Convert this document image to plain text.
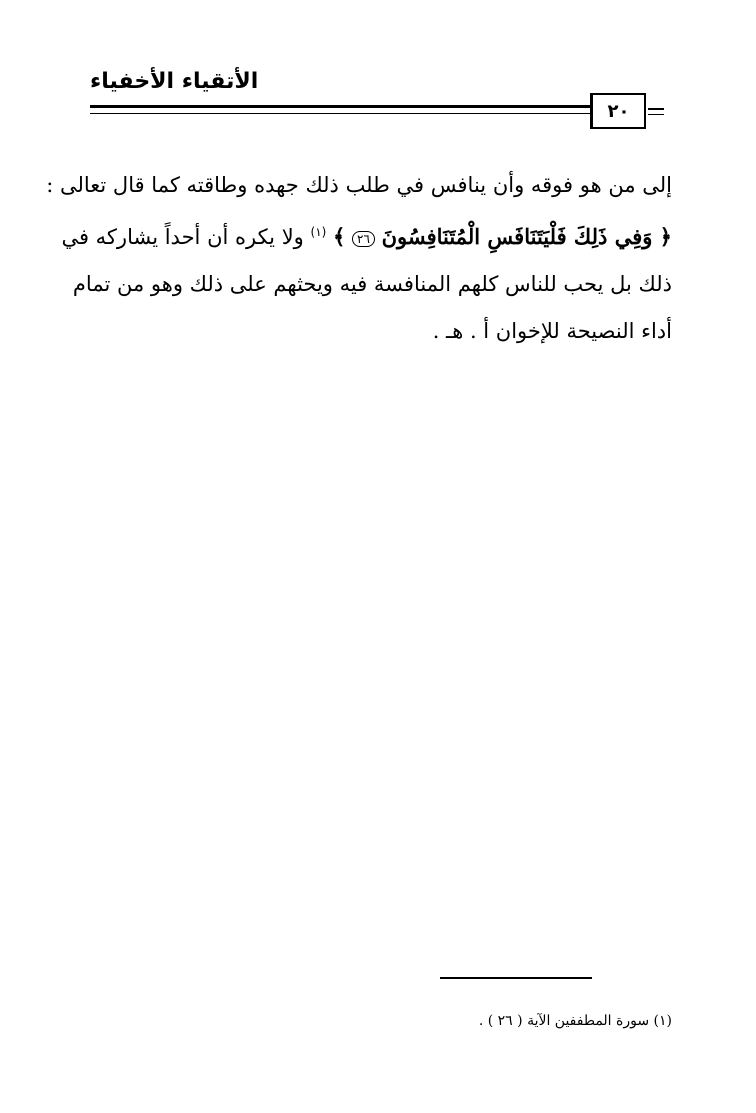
الأتقياء الأخفياء
٢٠
إلى من هو فوقه وأن ينافس في طلب ذلك جهده وطاقته كما قال تعالى :
﴿ وَفِي ذَلِكَ فَلْيَتَنَافَسِ الْمُتَنَافِسُونَ ٢٦ ﴾ $^{(١)}$ ولا يكره أن أحداً يشاركه في
ذلك بل يحب للناس كلهم المنافسة فيه ويحثهم على ذلك وهو من تمام
أداء النصيحة للإخوان أ . هـ .
(١) سورة المطففين الآية ( ٢٦ ) .
